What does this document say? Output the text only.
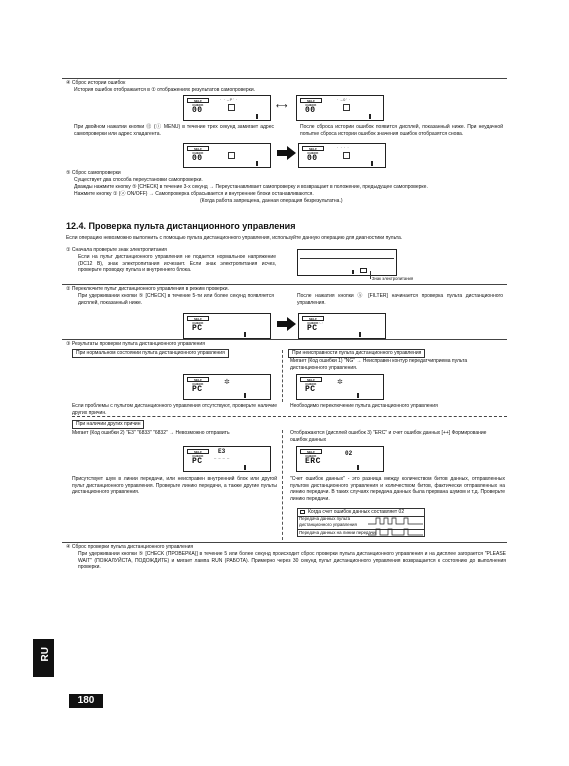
④ Сброс истории ошибок
История ошибок отображается в ① отображениях результатов самопроверки.
SELF CHECK
00
· · –P' ·
⟷	SELF CHECK
00
· –0' ·
При двойном нажатии кнопки ⑫ (ⓘ MENU) в течение трех секунд замигает адрес самопроверки или адрес хладагента.
После сброса истории ошибок появится дисплей, показанный ниже. При неудачной попытке сброса истории ошибок значения ошибок отобразятся снова.
SELF CHECK
00
SELF CHECK
00
· · · ·
⑤ Сброс самопроверки
Существует два способа переустановки самопроверки.
Дважды нажмите кнопку ⑤ [CHECK] в течение 3-х секунд → Переустанавливает самопроверку и возвращает в положение, предыдущее самопроверке.
Нажмите кнопку ① (ⓐ ON/OFF) → Самопроверка сбрасывается и внутренние блоки останавливаются.
(Когда работа запрещена, данная операция безрезультатна.)
12.4. Проверка пульта дистанционного управления
Если операцию невозможно выполнить с помощью пульта дистанционного управления, используйте данную операцию для диагностики пульта.
① Сначала проверьте знак электропитания
Если на пульт дистанционного управления не подается нормальное напряжение (DC12 В), знак электропитания исчезает. Если знак электропитания исчез, проверьте проводку пульта и внутреннего блока.
Знак электропитания
② Переключите пульт дистанционного управления в режим проверки.
При удерживании кнопки ⑤ [CHECK] в течение 5-ти или более секунд появляется дисплей, показанный ниже.
После нажатия кнопки Ⓐ [FILTER] начинается проверка пульта дистанционного управления.
SELF CHECK
PC
SELF CHECK
PC
'·'
③ Результаты проверки пульта дистанционного управления
При нормальном состоянии пульта дистанционного управления	При неисправности пульта дистанционного управления
Мигает (Код ошибки 1) "NG" → Неисправен контур передатчиприема пульта дистанционного управления.
SELF CHECK
PC
✲	SELF CHECK
PC
✲
Если проблемы с пультом дистанционного управления отсутствуют, проверьте наличие других причин.
Необходимо переключение пульта дистанционного управления
При наличии других причин
Мигает (Код ошибки 2) "E3" "6833" "6832" → Невозможно отправить	Отображаются (дисплей ошибок 3) "ERC" и счет ошибок данных [++] Формирование ошибок данных
SELF CHECK
PC
E3
– – – –
SELF CHECK
ERC
02
Присутствует шум в линии передачи, или неисправен внутренний блок или другой пульт дистанционного управления. Проверьте линию передачи, а также другие пульты дистанционного управления.
"Счет ошибок данных" - это разница между количеством битов данных, отправленных пультом дистанционного управления и количеством битов, фактически отправленных на линию передачи. В таких случаях передача данных была прервана шумом и т.д. Проверьте линию передачи.
Когда счет ошибок данных составляет 02
Передача данных пульта дистанционного управления
Передача данных на линии передачи
④ Сброс проверки пульта дистанционного управления
При удерживании кнопки ⑤ [CHECK (ПРОВЕРКА)] в течение 5 или более секунд происходит сброс проверки пульта дистанционного управления и на дисплее загорается "PLEASE WAIT" (ПОЖАЛУЙСТА, ПОДОЖДИТЕ) и мигает лампа RUN (РАБОТА). Примерно через 30 секунд пульт дистанционного управления возвращается к состоянию до выполнения проверки.
RU
180
